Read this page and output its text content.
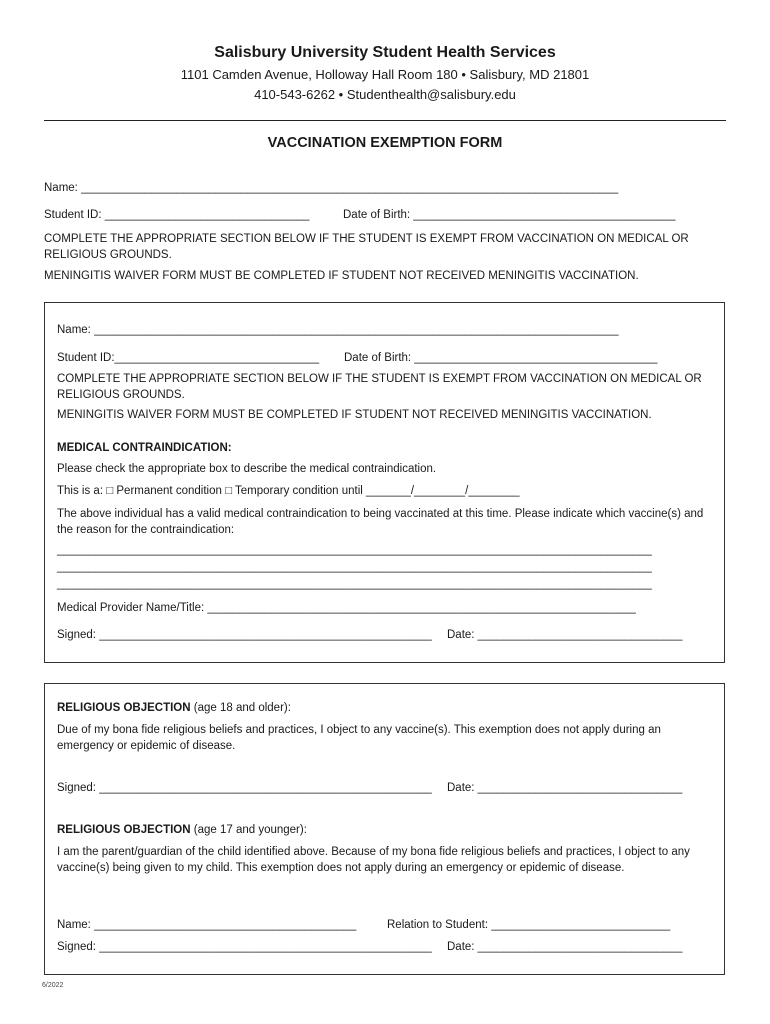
Salisbury University Student Health Services
1101 Camden Avenue, Holloway Hall Room 180 • Salisbury, MD 21801
410-543-6262 • Studenthealth@salisbury.edu
VACCINATION EXEMPTION FORM
Name: ____________________________________________________________________________________
Student ID: ________________________________	Date of Birth: _________________________________________
COMPLETE THE APPROPRIATE SECTION BELOW IF THE STUDENT IS EXEMPT FROM VACCINATION ON MEDICAL OR RELIGIOUS GROUNDS.
MENINGITIS WAIVER FORM MUST BE COMPLETED IF STUDENT NOT RECEIVED MENINGITIS VACCINATION.
Name: __________________________________________________________________________________
Student ID:________________________________ Date of Birth: ______________________________________
COMPLETE THE APPROPRIATE SECTION BELOW IF THE STUDENT IS EXEMPT FROM VACCINATION ON MEDICAL OR RELIGIOUS GROUNDS.
MENINGITIS WAIVER FORM MUST BE COMPLETED IF STUDENT NOT RECEIVED MENINGITIS VACCINATION.
MEDICAL CONTRAINDICATION:
Please check the appropriate box to describe the medical contraindication.
This is a: □ Permanent condition □ Temporary condition until _______/________/________
The above individual has a valid medical contraindication to being vaccinated at this time. Please indicate which vaccine(s) and the reason for the contraindication:
_____________________________________________________________________________________________
_____________________________________________________________________________________________
_____________________________________________________________________________________________
Medical Provider Name/Title: ___________________________________________________________________
Signed: ____________________________________________________ Date: ________________________________
RELIGIOUS OBJECTION (age 18 and older):
Due of my bona fide religious beliefs and practices, I object to any vaccine(s). This exemption does not apply during an emergency or epidemic of disease.
Signed: ____________________________________________________ Date: ________________________________
RELIGIOUS OBJECTION (age 17 and younger):
I am the parent/guardian of the child identified above. Because of my bona fide religious beliefs and practices, I object to any vaccine(s) being given to my child. This exemption does not apply during an emergency or epidemic of disease.
Name: _________________________________________	Relation to Student: ____________________________
Signed: ____________________________________________________ Date: ________________________________
6/2022
